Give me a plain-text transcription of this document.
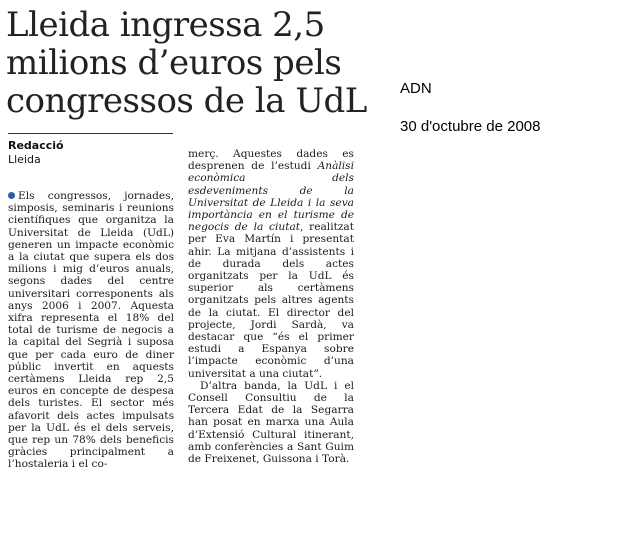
Lleida ingressa 2,5
milions d’euros pels
congressos de la UdL	ADN
30 d'octubre de 2008
Redacció
Lleida

Els congressos, jornades, simposis, seminaris i reunions científiques que organitza la Universitat de Lleida (UdL) generen un impacte econòmic a la ciutat que supera els dos milions i mig d’euros anuals, segons dades del centre universitari corresponents als anys 2006 i 2007. Aquesta xifra representa el 18% del total de turisme de negocis a la capital del Segrià i suposa que per cada euro de diner públic invertit en aquests certàmens Lleida rep 2,5 euros en concepte de despesa dels turistes. El sector més afavorit dels actes impulsats per la UdL és el dels serveis, que rep un 78% dels beneficis gràcies principalment a l’hostaleria i el co-

merç. Aquestes dades es desprenen de l’estudi Anàlisi econòmica dels esdeveniments de la Universitat de Lleida i la seva importància en el turisme de negocis de la ciutat, realitzat per Eva Martín i presentat ahir. La mitjana d’assistents i de durada dels actes organitzats per la UdL és superior als certàmens organitzats pels altres agents de la ciutat. El director del projecte, Jordi Sardà, va destacar que “és el primer estudi a Espanya sobre l’impacte econòmic d’una universitat a una ciutat”.

D’altra banda, la UdL i el Consell Consultiu de la Tercera Edat de la Segarra han posat en marxa una Aula d’Extensió Cultural itinerant, amb conferències a Sant Guim de Freixenet, Guissona i Torà.
